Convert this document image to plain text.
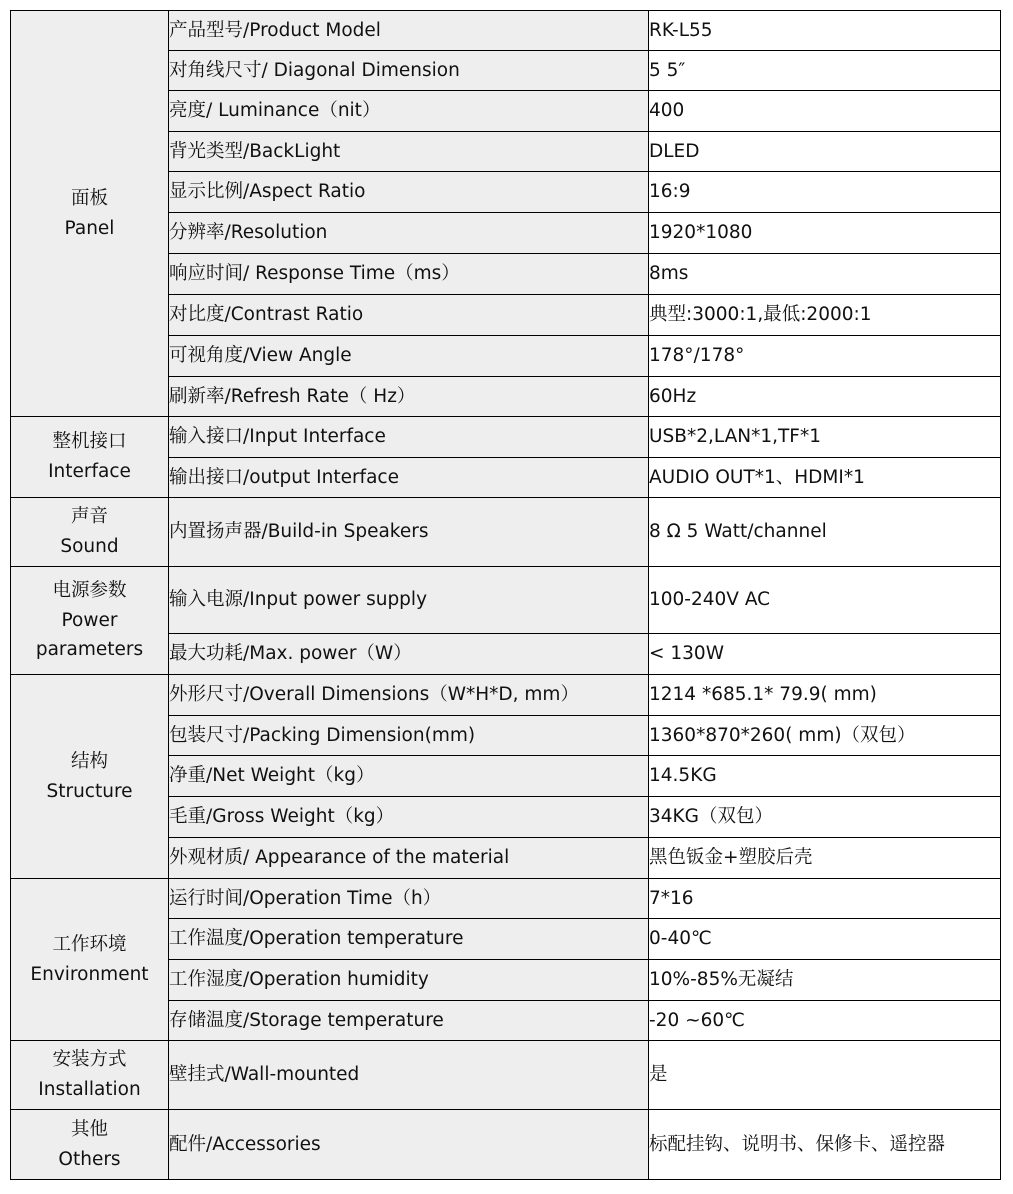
面板
Panel	产品型号/Product Model	RK-L55
	对角线尺寸/ Diagonal Dimension	5 5″
	亮度/ Luminance（nit）	400
	背光类型/BackLight	DLED
	显示比例/Aspect Ratio	16:9
	分辨率/Resolution	1920*1080
	响应时间/ Response Time（ms）	8ms
	对比度/Contrast Ratio	典型:3000:1,最低:2000:1
	可视角度/View Angle	178°/178°
	刷新率/Refresh Rate（ Hz）	60Hz

整机接口
Interface	输入接口/Input Interface	USB*2,LAN*1,TF*1
	输出接口/output Interface	AUDIO OUT*1、HDMI*1

声音
Sound	内置扬声器/Build-in Speakers	8 Ω 5 Watt/channel

电源参数
Power parameters	输入电源/Input power supply	100-240V AC
	最大功耗/Max. power（W）	< 130W

结构
Structure	外形尺寸/Overall Dimensions（W*H*D, mm）	1214 *685.1* 79.9( mm)
	包装尺寸/Packing Dimension(mm)	1360*870*260( mm)（双包）
	净重/Net Weight（kg）	14.5KG
	毛重/Gross Weight（kg）	34KG（双包）
	外观材质/ Appearance of the material	黑色钣金+塑胶后壳

工作环境
Environment	运行时间/Operation Time（h）	7*16
	工作温度/Operation temperature	0-40℃
	工作湿度/Operation humidity	10%-85%无凝结
	存储温度/Storage temperature	-20 ~60℃

安装方式
Installation	壁挂式/Wall-mounted	是

其他
Others	配件/Accessories	标配挂钩、说明书、保修卡、遥控器
